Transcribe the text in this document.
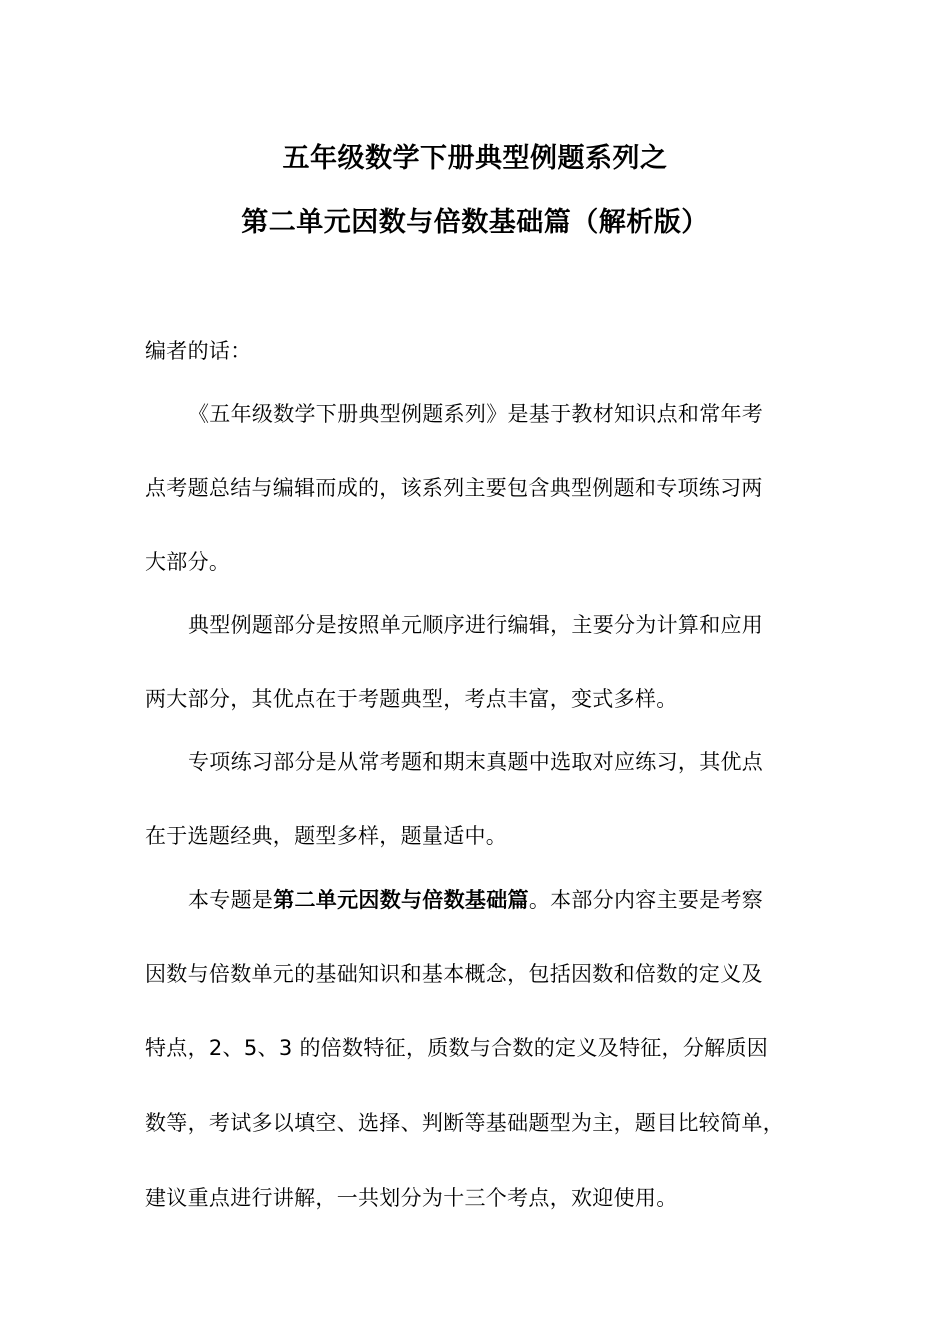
五年级数学下册典型例题系列之
第二单元因数与倍数基础篇（解析版）
编者的话：
《五年级数学下册典型例题系列》是基于教材知识点和常年考
点考题总结与编辑而成的，该系列主要包含典型例题和专项练习两
大部分。
典型例题部分是按照单元顺序进行编辑，主要分为计算和应用
两大部分，其优点在于考题典型，考点丰富，变式多样。
专项练习部分是从常考题和期末真题中选取对应练习，其优点
在于选题经典，题型多样，题量适中。
本专题是第二单元因数与倍数基础篇。本部分内容主要是考察
因数与倍数单元的基础知识和基本概念，包括因数和倍数的定义及
特点，2、5、3 的倍数特征，质数与合数的定义及特征，分解质因
数等，考试多以填空、选择、判断等基础题型为主，题目比较简单，
建议重点进行讲解，一共划分为十三个考点，欢迎使用。
